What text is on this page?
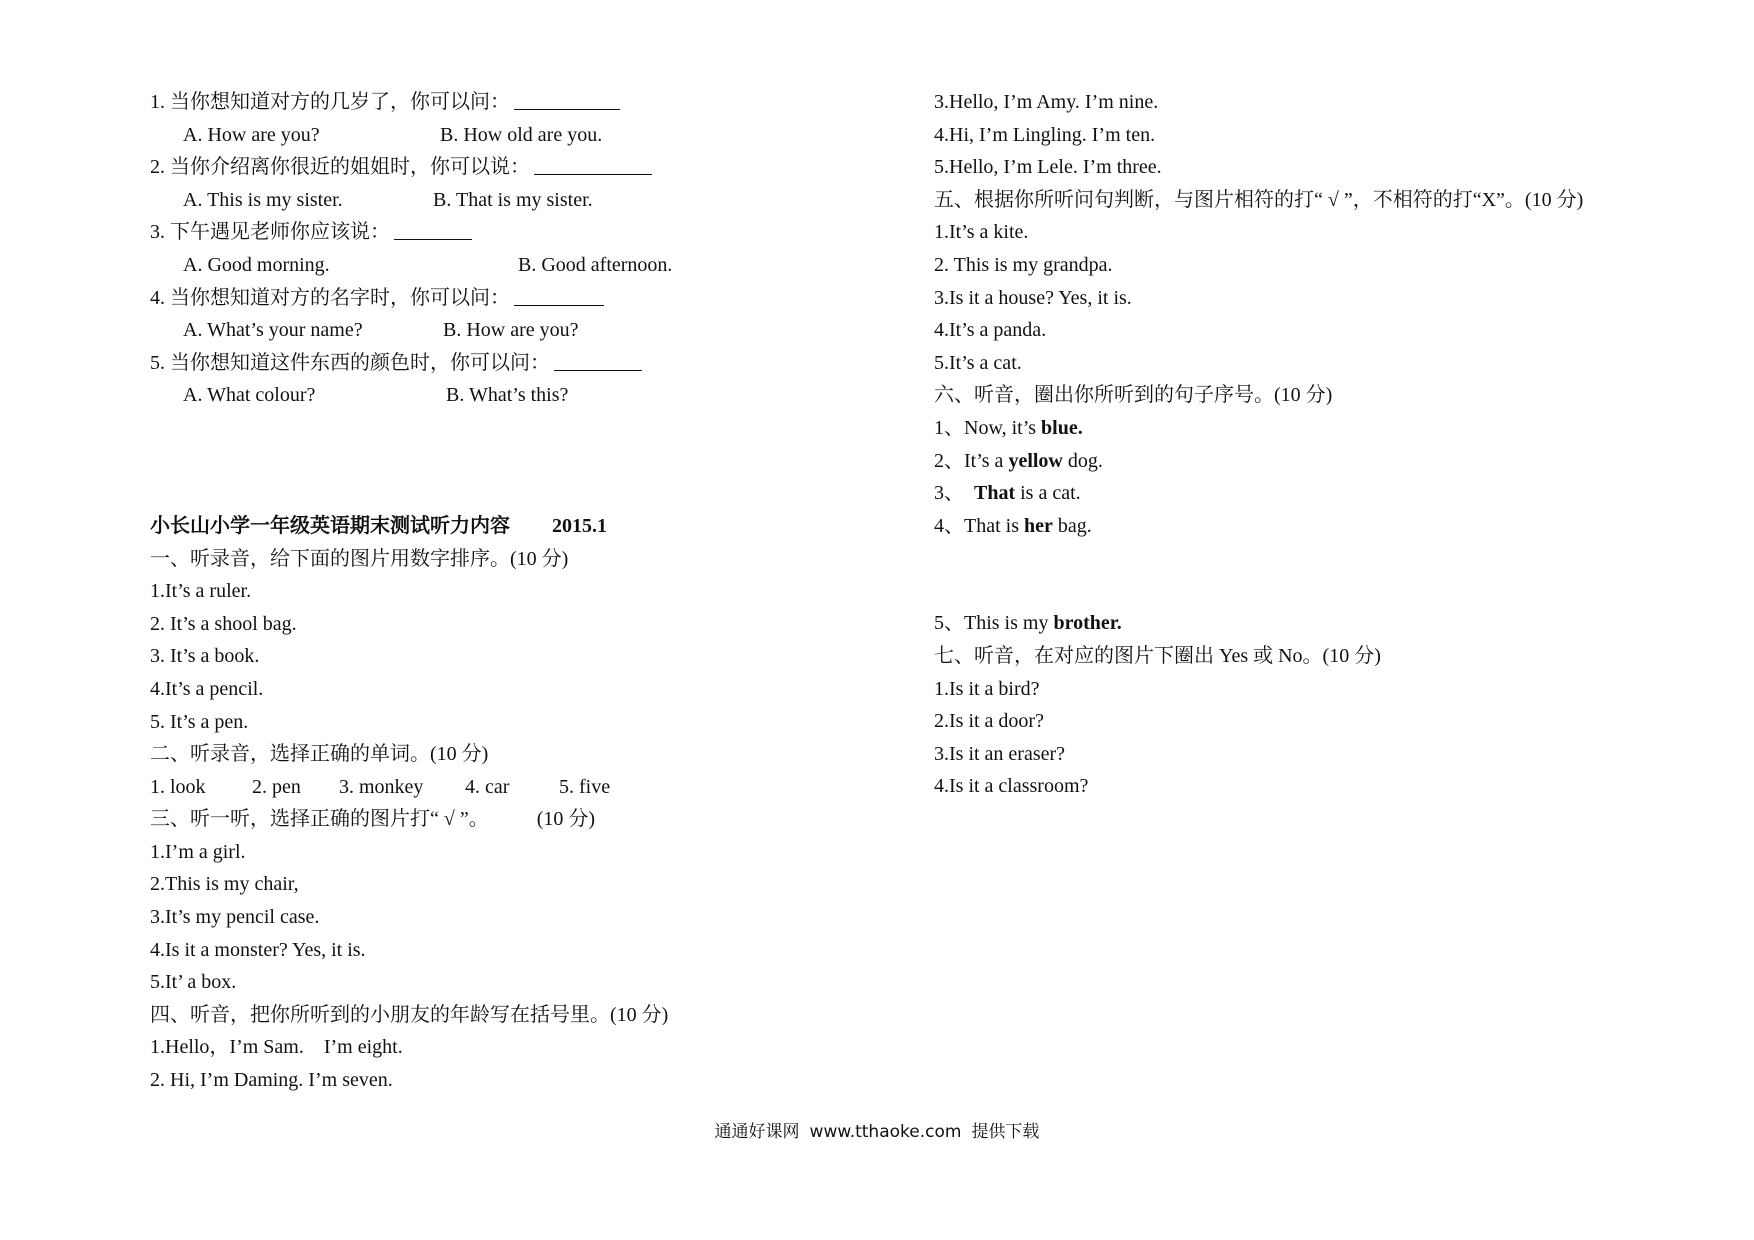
1. 当你想知道对方的几岁了，你可以问：
A. How are you?	B. How old are you.
2. 当你介绍离你很近的姐姐时，你可以说：
A. This is my sister.	B. That is my sister.
3. 下午遇见老师你应该说：
A. Good morning.	B. Good afternoon.
4. 当你想知道对方的名字时，你可以问：
A. What’s your name?	B. How are you?
5. 当你想知道这件东西的颜色时，你可以问：
A. What colour?	B. What’s this?
小长山小学一年级英语期末测试听力内容 2015.1
一、听录音，给下面的图片用数字排序。(10 分)
1.It’s a ruler.
2. It’s a shool bag.
3. It’s a book.
4.It’s a pencil.
5. It’s a pen.
二、听录音，选择正确的单词。(10 分)
1. look 2. pen 3. monkey 4. car 5. five
三、听一听，选择正确的图片打“ √ ”。 (10 分)
1.I’m a girl.
2.This is my chair,
3.It’s my pencil case.
4.Is it a monster? Yes, it is.
5.It’ a box.
四、听音，把你所听到的小朋友的年龄写在括号里。(10 分)
1.Hello，I’m Sam.　I’m eight.
2. Hi, I’m Daming. I’m seven.
3.Hello, I’m Amy. I’m nine.
4.Hi, I’m Lingling. I’m ten.
5.Hello, I’m Lele. I’m three.
五、根据你所听问句判断，与图片相符的打“ √ ”，不相符的打“X”。(10 分)
1.It’s a kite.
2. This is my grandpa.
3.Is it a house? Yes, it is.
4.It’s a panda.
5.It’s a cat.
六、听音，圈出你所听到的句子序号。(10 分)
1、Now, it’s blue.
2、It’s a yellow dog.
3、  That is a cat.
4、That is her bag.
5、This is my brother.
七、听音，在对应的图片下圈出 Yes 或 No。(10 分)
1.Is it a bird?
2.Is it a door?
3.Is it an eraser?
4.Is it a classroom?
通通好课网 www.tthaoke.com 提供下载
